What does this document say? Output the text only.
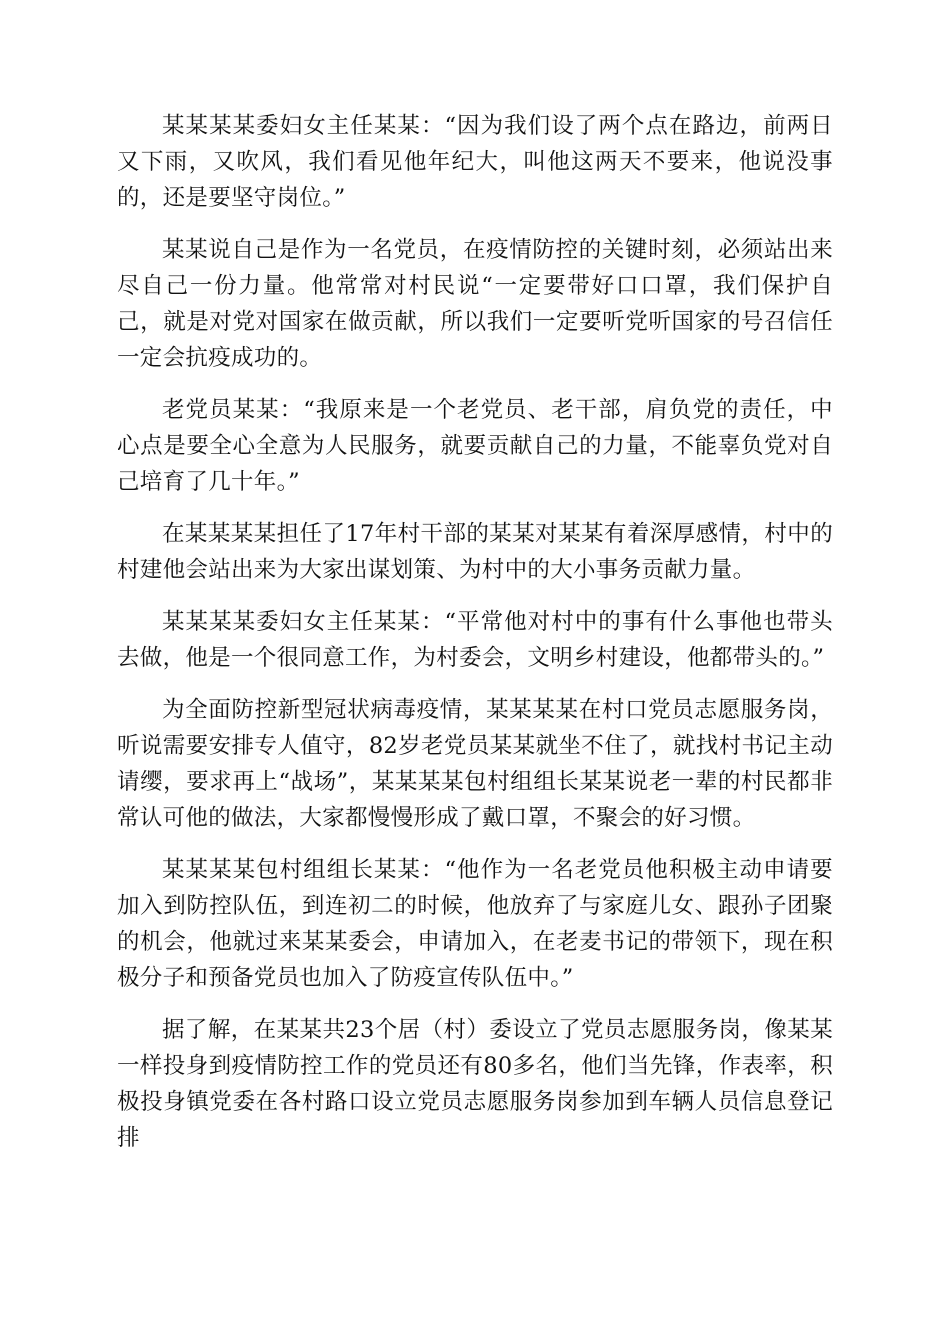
某某某某委妇女主任某某：“因为我们设了两个点在路边，前两日又下雨，又吹风，我们看见他年纪大，叫他这两天不要来，他说没事的，还是要坚守岗位。”

某某说自己是作为一名党员，在疫情防控的关键时刻，必须站出来尽自己一份力量。他常常对村民说“一定要带好口口罩，我们保护自己，就是对党对国家在做贡献，所以我们一定要听党听国家的号召信任一定会抗疫成功的。

老党员某某：“我原来是一个老党员、老干部，肩负党的责任，中心点是要全心全意为人民服务，就要贡献自己的力量，不能辜负党对自己培育了几十年。”

在某某某某担任了17年村干部的某某对某某有着深厚感情，村中的村建他会站出来为大家出谋划策、为村中的大小事务贡献力量。

某某某某委妇女主任某某：“平常他对村中的事有什么事他也带头去做，他是一个很同意工作，为村委会，文明乡村建设，他都带头的。”

为全面防控新型冠状病毒疫情，某某某某在村口党员志愿服务岗，听说需要安排专人值守，82岁老党员某某就坐不住了，就找村书记主动请缨，要求再上“战场”，某某某某包村组组长某某说老一辈的村民都非常认可他的做法，大家都慢慢形成了戴口罩，不聚会的好习惯。

某某某某包村组组长某某：“他作为一名老党员他积极主动申请要加入到防控队伍，到连初二的时候，他放弃了与家庭儿女、跟孙子团聚的机会，他就过来某某委会，申请加入，在老麦书记的带领下，现在积极分子和预备党员也加入了防疫宣传队伍中。”

据了解，在某某共23个居（村）委设立了党员志愿服务岗，像某某一样投身到疫情防控工作的党员还有80多名，他们当先锋，作表率，积极投身镇党委在各村路口设立党员志愿服务岗参加到车辆人员信息登记排
